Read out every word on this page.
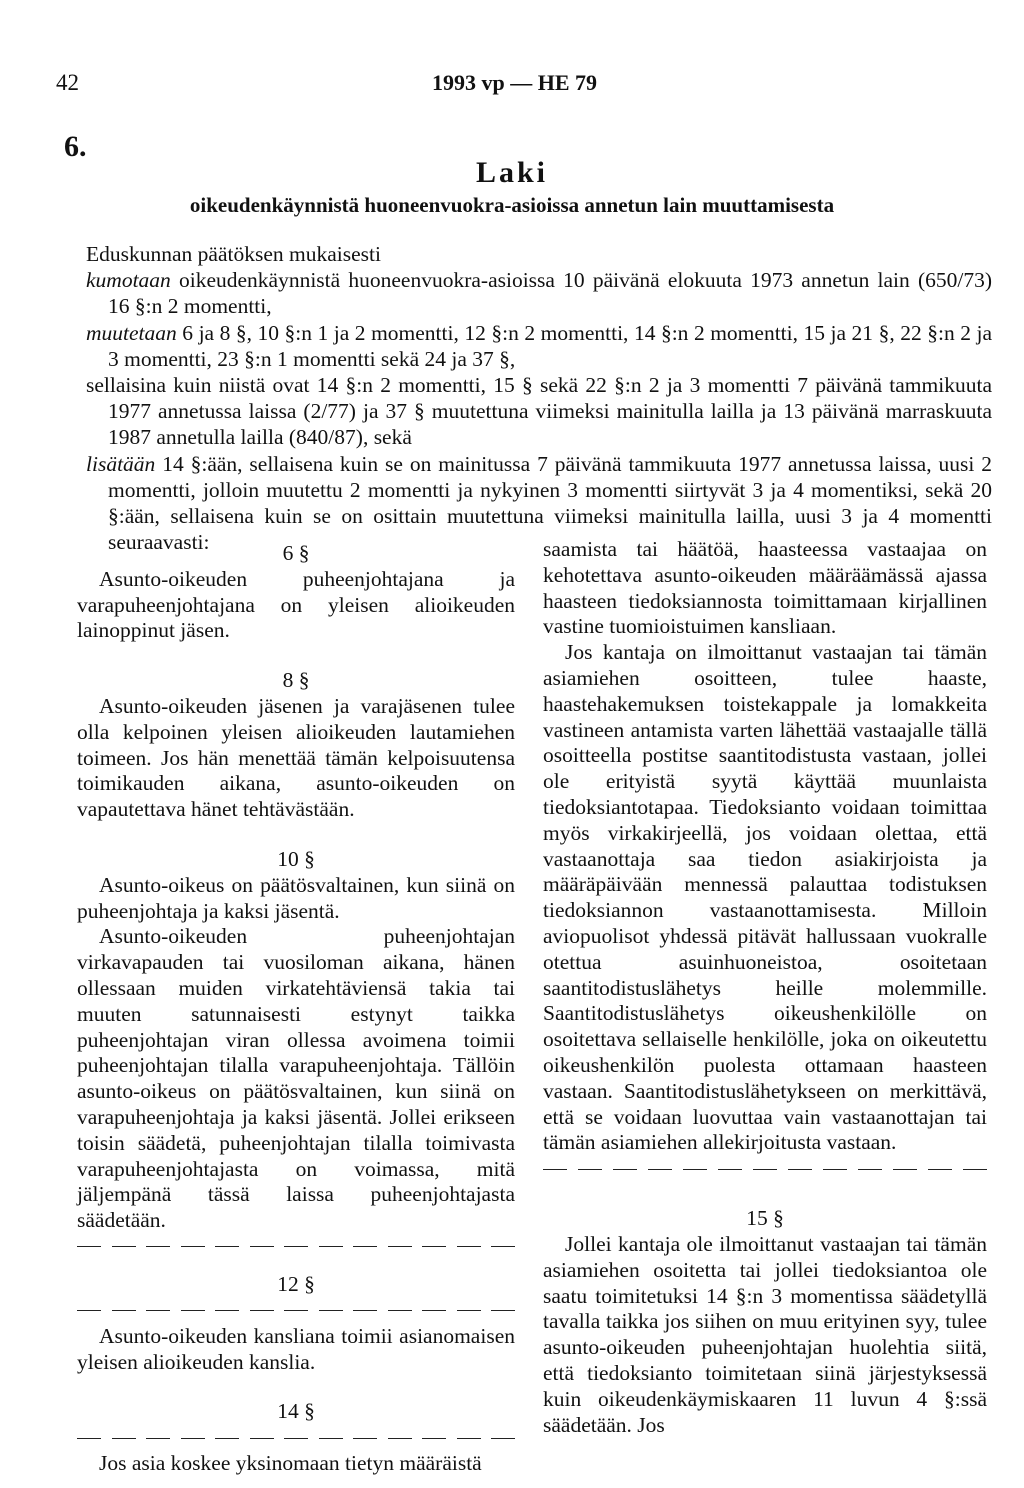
42	1993 vp — HE 79
6.
Laki
oikeudenkäynnistä huoneenvuokra-asioissa annetun lain muuttamisesta

Eduskunnan päätöksen mukaisesti

kumotaan oikeudenkäynnistä huoneenvuokra-asioissa 10 päivänä elokuuta 1973 annetun lain (650/73) 16 §:n 2 momentti,

muutetaan 6 ja 8 §, 10 §:n 1 ja 2 momentti, 12 §:n 2 momentti, 14 §:n 2 momentti, 15 ja 21 §, 22 §:n 2 ja 3 momentti, 23 §:n 1 momentti sekä 24 ja 37 §,

sellaisina kuin niistä ovat 14 §:n 2 momentti, 15 § sekä 22 §:n 2 ja 3 momentti 7 päivänä tammikuuta 1977 annetussa laissa (2/77) ja 37 § muutettuna viimeksi mainitulla lailla ja 13 päivänä marraskuuta 1987 annetulla lailla (840/87), sekä

lisätään 14 §:ään, sellaisena kuin se on mainitussa 7 päivänä tammikuuta 1977 annetussa laissa, uusi 2 momentti, jolloin muutettu 2 momentti ja nykyinen 3 momentti siirtyvät 3 ja 4 momentiksi, sekä 20 §:ään, sellaisena kuin se on osittain muutettuna viimeksi mainitulla lailla, uusi 3 ja 4 momentti seuraavasti:	6 §

Asunto-oikeuden puheenjohtajana ja varapuheenjohtajana on yleisen alioikeuden lainoppinut jäsen.

8 §

Asunto-oikeuden jäsenen ja varajäsenen tulee olla kelpoinen yleisen alioikeuden lautamiehen toimeen. Jos hän menettää tämän kelpoisuutensa toimikauden aikana, asunto-oikeuden on vapautettava hänet tehtävästään.

10 §

Asunto-oikeus on päätösvaltainen, kun siinä on puheenjohtaja ja kaksi jäsentä.

Asunto-oikeuden puheenjohtajan virkavapauden tai vuosiloman aikana, hänen ollessaan muiden virkatehtäviensä takia tai muuten satunnaisesti estynyt taikka puheenjohtajan viran ollessa avoimena toimii puheenjohtajan tilalla varapuheenjohtaja. Tällöin asunto-oikeus on päätösvaltainen, kun siinä on varapuheenjohtaja ja kaksi jäsentä. Jollei erikseen toisin säädetä, puheenjohtajan tilalla toimivasta varapuheenjohtajasta on voimassa, mitä jäljempänä tässä laissa puheenjohtajasta säädetään.

12 §

Asunto-oikeuden kansliana toimii asianomaisen yleisen alioikeuden kanslia.

14 §

Jos asia koskee yksinomaan tietyn määräistä

saamista tai häätöä, haasteessa vastaajaa on kehotettava asunto-oikeuden määräämässä ajassa haasteen tiedoksiannosta toimittamaan kirjallinen vastine tuomioistuimen kansliaan.

Jos kantaja on ilmoittanut vastaajan tai tämän asiamiehen osoitteen, tulee haaste, haastehakemuksen toistekappale ja lomakkeita vastineen antamista varten lähettää vastaajalle tällä osoitteella postitse saantitodistusta vastaan, jollei ole erityistä syytä käyttää muunlaista tiedoksiantotapaa. Tiedoksianto voidaan toimittaa myös virkakirjeellä, jos voidaan olettaa, että vastaanottaja saa tiedon asiakirjoista ja määräpäivään mennessä palauttaa todistuksen tiedoksiannon vastaanottamisesta. Milloin aviopuolisot yhdessä pitävät hallussaan vuokralle otettua asuinhuoneistoa, osoitetaan saantitodistuslähetys heille molemmille. Saantitodistuslähetys oikeushenkilölle on osoitettava sellaiselle henkilölle, joka on oikeutettu oikeushenkilön puolesta ottamaan haasteen vastaan. Saantitodistuslähetykseen on merkittävä, että se voidaan luovuttaa vain vastaanottajan tai tämän asiamiehen allekirjoitusta vastaan.

15 §

Jollei kantaja ole ilmoittanut vastaajan tai tämän asiamiehen osoitetta tai jollei tiedoksiantoa ole saatu toimitetuksi 14 §:n 3 momentissa säädetyllä tavalla taikka jos siihen on muu erityinen syy, tulee asunto-oikeuden puheenjohtajan huolehtia siitä, että tiedoksianto toimitetaan siinä järjestyksessä kuin oikeudenkäymiskaaren 11 luvun 4 §:ssä säädetään. Jos
